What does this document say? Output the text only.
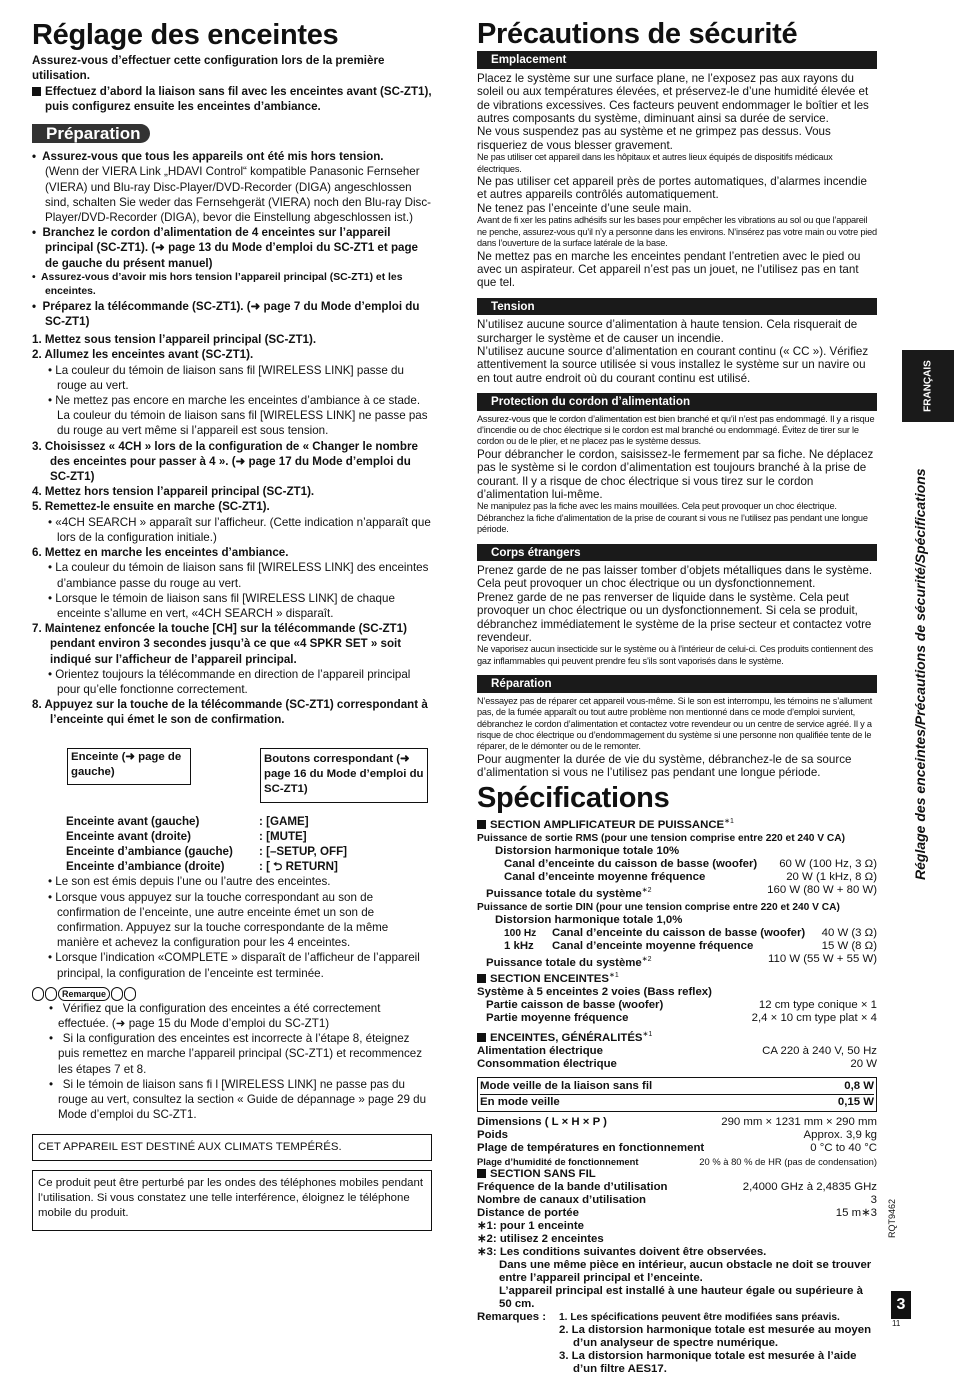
Réglage des enceintes

Assurez-vous d’effectuer cette configuration lors de la première utilisation.

Effectuez d’abord la liaison sans fil avec les enceintes avant (SC-ZT1), puis configurez ensuite les enceintes d’ambiance.

Préparation

•  Assurez-vous que tous les appareils ont été mis hors tension.

(Wenn der VIERA Link „HDAVI Control“ kompatible Panasonic Fernseher (VIERA) und Blu-ray Disc-Player/DVD-Recorder (DIGA) angeschlossen sind, schalten Sie weder das Fernsehgerät (VIERA) noch den Blu-ray Disc-Player/DVD-Recorder (DIGA), bevor die Einstellung abgeschlossen ist.)

•  Branchez le cordon d’alimentation de 4 enceintes sur l’appareil principal (SC-ZT1). (➜ page 13 du Mode d’emploi du SC-ZT1 et page de gauche du présent manuel)

•  Assurez-vous d’avoir mis hors tension l’appareil principal (SC-ZT1) et les enceintes.

•  Préparez la télécommande (SC-ZT1). (➜ page 7 du Mode d’emploi du SC-ZT1)

1. Mettez sous tension l’appareil principal (SC-ZT1).

2. Allumez les enceintes avant (SC-ZT1).

• La couleur du témoin de liaison sans fil [WIRELESS LINK] passe du rouge au vert.

• Ne mettez pas encore en marche les enceintes d’ambiance à ce stade. La couleur du témoin de liaison sans fil [WIRELESS LINK] ne passe pas du rouge au vert même si l’appareil est sous tension.

3. Choisissez « 4CH » lors de la configuration de « Changer le nombre des enceintes pour passer à 4 ». (➜ page 17 du Mode d’emploi du SC-ZT1)

4. Mettez hors tension l’appareil principal (SC-ZT1).

5. Remettez-le ensuite en marche (SC-ZT1).

• «4CH SEARCH » apparaît sur l’afficheur. (Cette indication n’apparaît que lors de la configuration initiale.)

6. Mettez en marche les enceintes d’ambiance.

• La couleur du témoin de liaison sans fil [WIRELESS LINK] des enceintes d’ambiance passe du rouge au vert.

• Lorsque le témoin de liaison sans fil [WIRELESS LINK] de chaque enceinte s’allume en vert, «4CH SEARCH » disparaît.

7. Maintenez enfoncée la touche [CH] sur la télécommande (SC-ZT1) pendant environ 3 secondes jusqu’à ce que «4 SPKR SET » soit indiqué sur l’afficheur de l’appareil principal.

• Orientez toujours la télécommande en direction de l’appareil principal pour qu’elle fonctionne correctement.

8. Appuyez sur la touche de la télécommande (SC-ZT1) correspondant à l’enceinte qui émet le son de confirmation.

Enceinte (➜ page de gauche)
Boutons correspondant (➜ page 16 du Mode d’emploi du SC-ZT1)
Enceinte avant (gauche)	: [GAME]
Enceinte avant (droite)	: [MUTE]
Enceinte d’ambiance (gauche)	: [–SETUP, OFF]
Enceinte d’ambiance (droite)	: [ ⮌ RETURN]

• Le son est émis depuis l’une ou l’autre des enceintes.

• Lorsque vous appuyez sur la touche correspondant au son de confirmation de l’enceinte, une autre enceinte émet un son de confirmation. Appuyez sur la touche correspondante de la même manière et achevez la configuration pour les 4 enceintes.

• Lorsque l’indication «COMPLETE » disparaît de l’afficheur de l’appareil principal, la configuration de l’enceinte est terminée.

Remarque

•   Vérifiez que la configuration des enceintes a été correctement effectuée. (➜ page 15 du Mode d’emploi du SC-ZT1)

•   Si la configuration des enceintes est incorrecte à l’étape 8, éteignez puis remettez en marche l’appareil principal (SC-ZT1) et recommencez les étapes 7 et 8.

•   Si le témoin de liaison sans fi l [WIRELESS LINK] ne passe pas du rouge au vert, consultez la section « Guide de dépannage » page 29 du Mode d’emploi du SC-ZT1.

CET APPAREIL EST DESTINÉ AUX CLIMATS TEMPÉRÉS.
Ce produit peut être perturbé par les ondes des téléphones mobiles pendant l’utilisation. Si vous constatez une telle interférence, éloignez le téléphone mobile du produit.
Précautions de sécurité
Emplacement

Placez le système sur une surface plane, ne l’exposez pas aux rayons du soleil ou aux températures élevées, et préservez-le d’une humidité élevée et de vibrations excessives. Ces facteurs peuvent endommager le boîtier et les autres composants du système, diminuant ainsi sa durée de service.

Ne vous suspendez pas au système et ne grimpez pas dessus. Vous risqueriez de vous blesser gravement.

Ne pas utiliser cet appareil dans les hôpitaux et autres lieux équipés de dispositifs médicaux électriques.

Ne pas utiliser cet appareil près de portes automatiques, d’alarmes incendie et autres appareils contrôlés automatiquement.

Ne tenez pas l’enceinte d’une seule main.

Avant de fi xer les patins adhésifs sur les bases pour empêcher les vibrations au sol ou que l’appareil ne penche, assurez-vous qu’il n’y a personne dans les environs. N’insérez pas votre main ou votre pied dans l’ouverture de la surface latérale de la base.

Ne mettez pas en marche les enceintes pendant l’entretien avec le pied ou avec un aspirateur. Cet appareil n’est pas un jouet, ne l’utilisez pas en tant que tel.

Tension

N’utilisez aucune source d’alimentation à haute tension. Cela risquerait de surcharger le système et de causer un incendie.

N’utilisez aucune source d’alimentation en courant continu (« CC »). Vérifiez attentivement la source utilisée si vous installez le système sur un navire ou en tout autre endroit où du courant continu est utilisé.

Protection du cordon d’alimentation

Assurez-vous que le cordon d’alimentation est bien branché et qu’il n’est pas endommagé. Il y a risque d’incendie ou de choc électrique si le cordon est mal branché ou endommagé. Évitez de tirer sur le cordon ou de le plier, et ne placez pas le système dessus.

Pour débrancher le cordon, saisissez-le fermement par sa fiche. Ne déplacez pas le système si le cordon d’alimentation est toujours branché à la prise de courant. Il y a risque de choc électrique si vous tirez sur le cordon d’alimentation lui-même.

Ne manipulez pas la fiche avec les mains mouillées. Cela peut provoquer un choc électrique. Débranchez la fiche d’alimentation de la prise de courant si vous ne l’utilisez pas pendant une longue période.

Corps étrangers

Prenez garde de ne pas laisser tomber d’objets métalliques dans le système. Cela peut provoquer un choc électrique ou un dysfonctionnement.

Prenez garde de ne pas renverser de liquide dans le système. Cela peut provoquer un choc électrique ou un dysfonctionnement. Si cela se produit, débranchez immédiatement le système de la prise secteur et contactez votre revendeur.

Ne vaporisez aucun insecticide sur le système ou à l’intérieur de celui-ci. Ces produits contiennent des gaz inflammables qui peuvent prendre feu s’ils sont vaporisés dans le système.

Réparation

N’essayez pas de réparer cet appareil vous-même. Si le son est interrompu, les témoins ne s’allument pas, de la fumée apparaît ou tout autre problème non mentionné dans ce mode d’emploi survient, débranchez le cordon d’alimentation et contactez votre revendeur ou un centre de service agréé. Il y a risque de choc électrique ou d’endommagement du système si une personne non qualifiée tente de le réparer, de le démonter ou de le remonter.

Pour augmenter la durée de vie du système, débranchez-le de sa source d’alimentation si vous ne l’utilisez pas pendant une longue période.

Spécifications
SECTION AMPLIFICATEUR DE $PUISSANCE^{∗1}$
Puissance de sortie RMS (pour une tension comprise entre 220 et 240 V CA)
Distorsion harmonique totale 10%
Canal d’enceinte du caisson de basse (woofer) 60 W (100 Hz, 3 Ω)
Canal d’enceinte moyenne fréquence	20 W (1 kHz, 8 Ω)
Puissance totale du système$^{∗2}$	160 W (80 W + 80 W)
Puissance de sortie DIN (pour une tension comprise entre 220 et 240 V CA)
Distorsion harmonique totale 1,0%
100 Hz Canal d’enceinte du caisson de basse (woofer) 40 W (3 Ω)
1 kHz Canal d’enceinte moyenne fréquence	15 W (8 Ω)
Puissance totale du système$^{∗2}$	110 W (55 W + 55 W)
SECTION $ENCEINTES^{∗1}$
Système à 5 enceintes 2 voies (Bass reflex)
Partie caisson de basse (woofer)	12 cm type conique × 1
Partie moyenne fréquence	2,4 × 10 cm type plat × 4
ENCEINTES, $GÉNÉRALITÉS^{∗1}$
Alimentation électrique	CA 220 à 240 V, 50 Hz
Consommation électrique	20 W
Mode veille de la liaison sans fil	0,8 W
En mode veille	0,15 W
Dimensions ( L × H × P )	290 mm × 1231 mm × 290 mm
Poids	Approx. 3,9 kg
Plage de températures en fonctionnement	0 °C to 40 °C
Plage d’humidité de fonctionnement	20 % à 80 % de HR (pas de condensation)
SECTION SANS FIL
Fréquence de la bande d’utilisation	2,4000 GHz à 2,4835 GHz
Nombre de canaux d’utilisation	3
Distance de portée	15 m∗3
∗1: pour 1 enceinte
∗2: utilisez 2 enceintes
∗3: Les conditions suivantes doivent être observées.
Dans une même pièce en intérieur, aucun obstacle ne doit se trouver entre l’appareil principal et l’enceinte.
L’appareil principal est installé à une hauteur égale ou supérieure à 50 cm.
Remarques :	1. Les spécifications peuvent être modifiées sans préavis.
2. La distorsion harmonique totale est mesurée au moyen d’un analyseur de spectre numérique.
3. La distorsion harmonique totale est mesurée à l’aide d’un filtre AES17.
FRANÇAIS
Réglage des enceintes/Précautions de sécurité/Spécifications
RQT9462
3
11
